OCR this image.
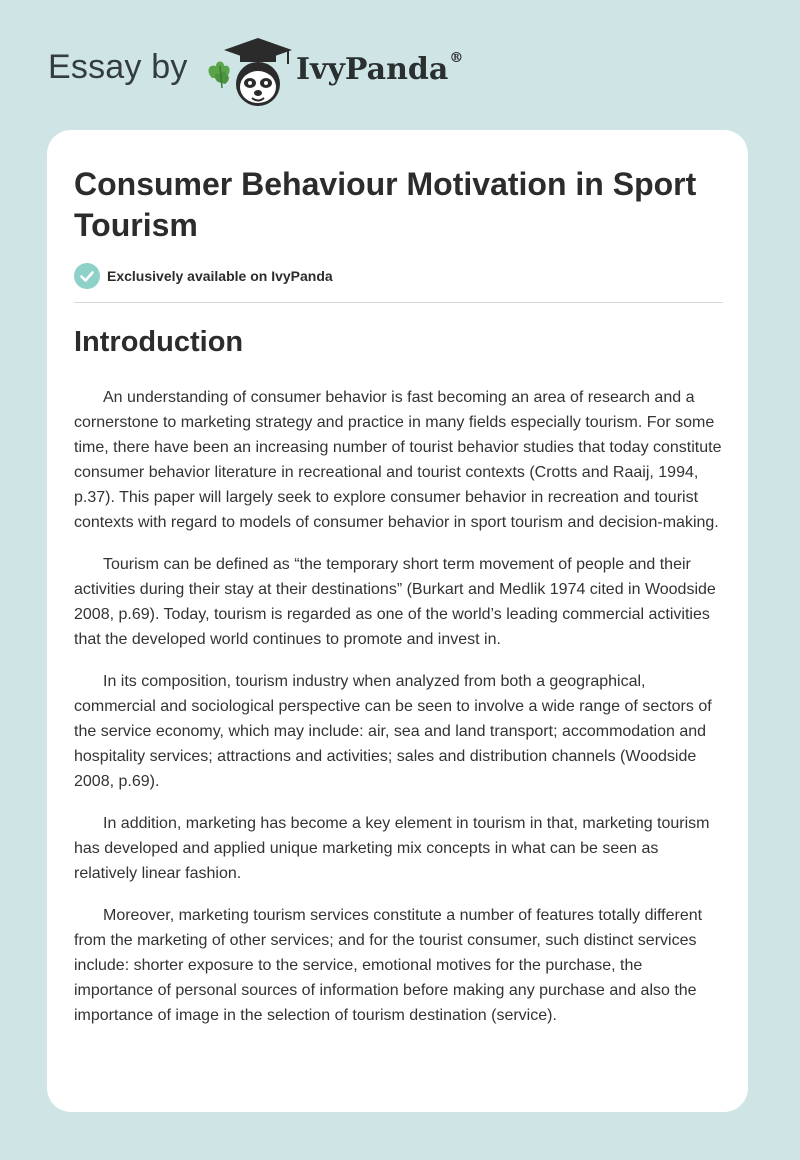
Essay by	IvyPanda®
Consumer Behaviour Motivation in Sport Tourism
Exclusively available on IvyPanda
Introduction

An understanding of consumer behavior is fast becoming an area of research and a cornerstone to marketing strategy and practice in many fields especially tourism. For some time, there have been an increasing number of tourist behavior studies that today constitute consumer behavior literature in recreational and tourist contexts (Crotts and Raaij, 1994, p.37). This paper will largely seek to explore consumer behavior in recreation and tourist contexts with regard to models of consumer behavior in sport tourism and decision-making.

Tourism can be defined as “the temporary short term movement of people and their activities during their stay at their destinations” (Burkart and Medlik 1974 cited in Woodside 2008, p.69). Today, tourism is regarded as one of the world’s leading commercial activities that the developed world continues to promote and invest in.

In its composition, tourism industry when analyzed from both a geographical, commercial and sociological perspective can be seen to involve a wide range of sectors of the service economy, which may include: air, sea and land transport; accommodation and hospitality services; attractions and activities; sales and distribution channels (Woodside 2008, p.69).

In addition, marketing has become a key element in tourism in that, marketing tourism has developed and applied unique marketing mix concepts in what can be seen as relatively linear fashion.

Moreover, marketing tourism services constitute a number of features totally different from the marketing of other services; and for the tourist consumer, such distinct services include: shorter exposure to the service, emotional motives for the purchase, the importance of personal sources of information before making any purchase and also the importance of image in the selection of tourism destination (service).
